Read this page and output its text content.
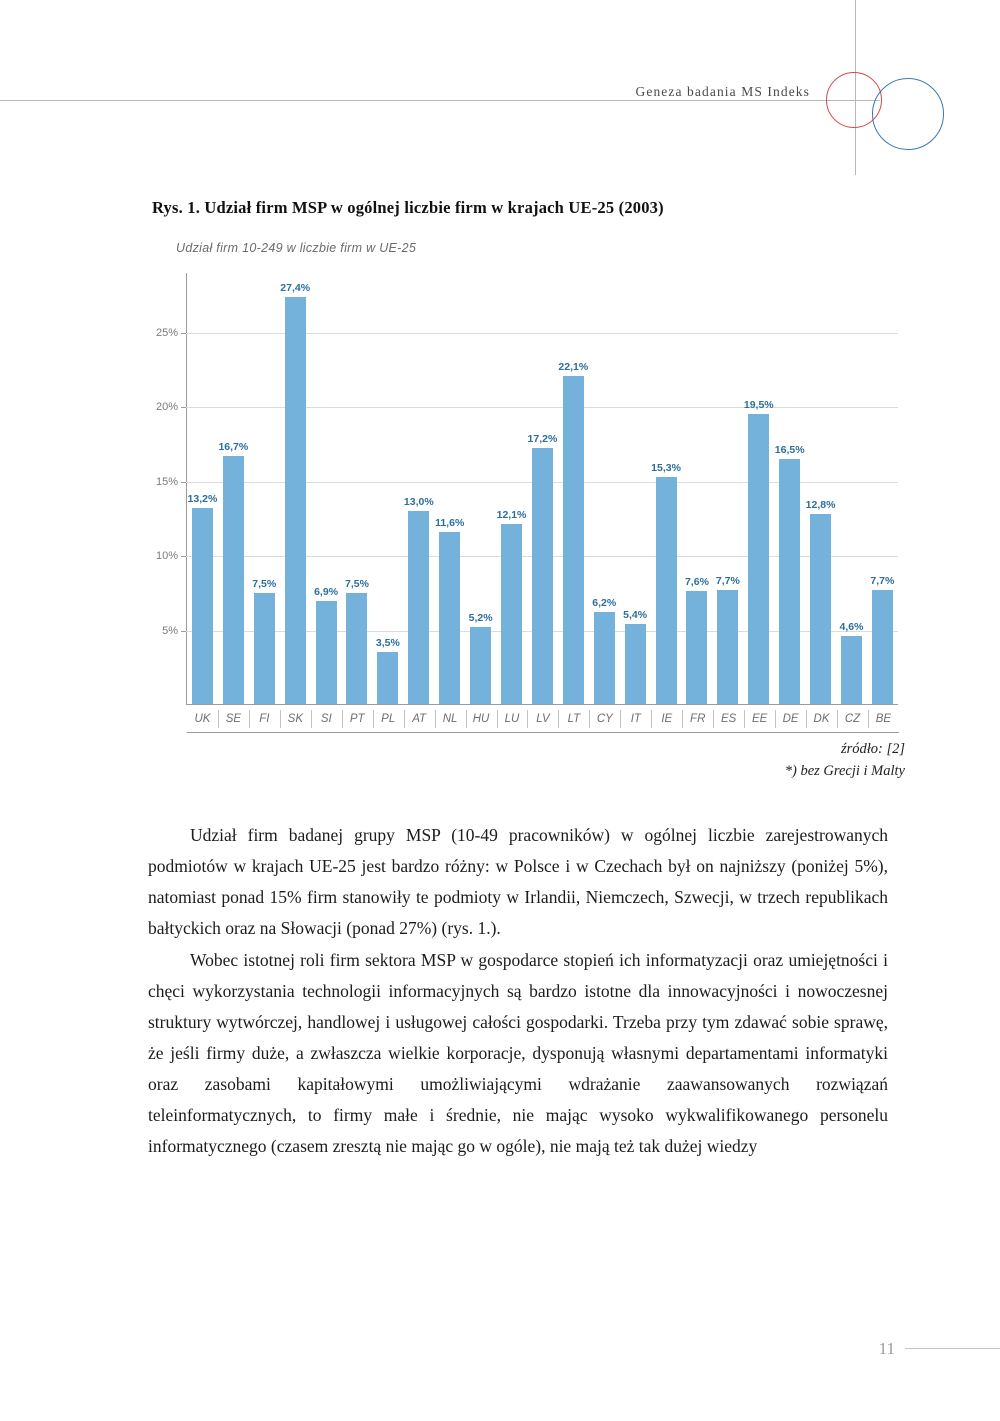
Geneza badania MS Indeks
Rys. 1. Udział firm MSP w ogólnej liczbie firm w krajach UE-25 (2003)
Udział firm 10-249 w liczbie firm w UE-25
5%
10%
15%
20%
25%
13,2%
16,7%
7,5%
27,4%
6,9%
7,5%
3,5%
13,0%
11,6%
5,2%
12,1%
17,2%
22,1%
6,2%
5,4%
15,3%
7,6% 7,7%
19,5%
16,5%
12,8%
4,6%
7,7%
UK	SE	FI	SK	SI	PT	PL	AT	NL	HU	LU	LV	LT	CY	IT	IE	FR	ES	EE	DE	DK	CZ	BE
źródło: [2]
*) bez Grecji i Malty

Udział firm badanej grupy MSP (10-49 pracowników) w ogólnej liczbie zarejestrowanych podmiotów w krajach UE-25 jest bardzo różny: w Polsce i w Czechach był on najniższy (poniżej 5%), natomiast ponad 15% firm stanowiły te podmioty w Irlandii, Niemczech, Szwecji, w trzech republikach bałtyckich oraz na Słowacji (ponad 27%) (rys. 1.).

Wobec istotnej roli firm sektora MSP w gospodarce stopień ich informatyzacji oraz umiejętności i chęci wykorzystania technologii informacyjnych są bardzo istotne dla innowacyjności i nowoczesnej struktury wytwórczej, handlowej i usługowej całości gospodarki. Trzeba przy tym zdawać sobie sprawę, że jeśli firmy duże, a zwłaszcza wielkie korporacje, dysponują własnymi departamentami informatyki oraz zasobami kapitałowymi umożliwiającymi wdrażanie zaawansowanych rozwiązań teleinformatycznych, to firmy małe i średnie, nie mając wysoko wykwalifikowanego personelu informatycznego (czasem zresztą nie mając go w ogóle), nie mają też tak dużej wiedzy

11
